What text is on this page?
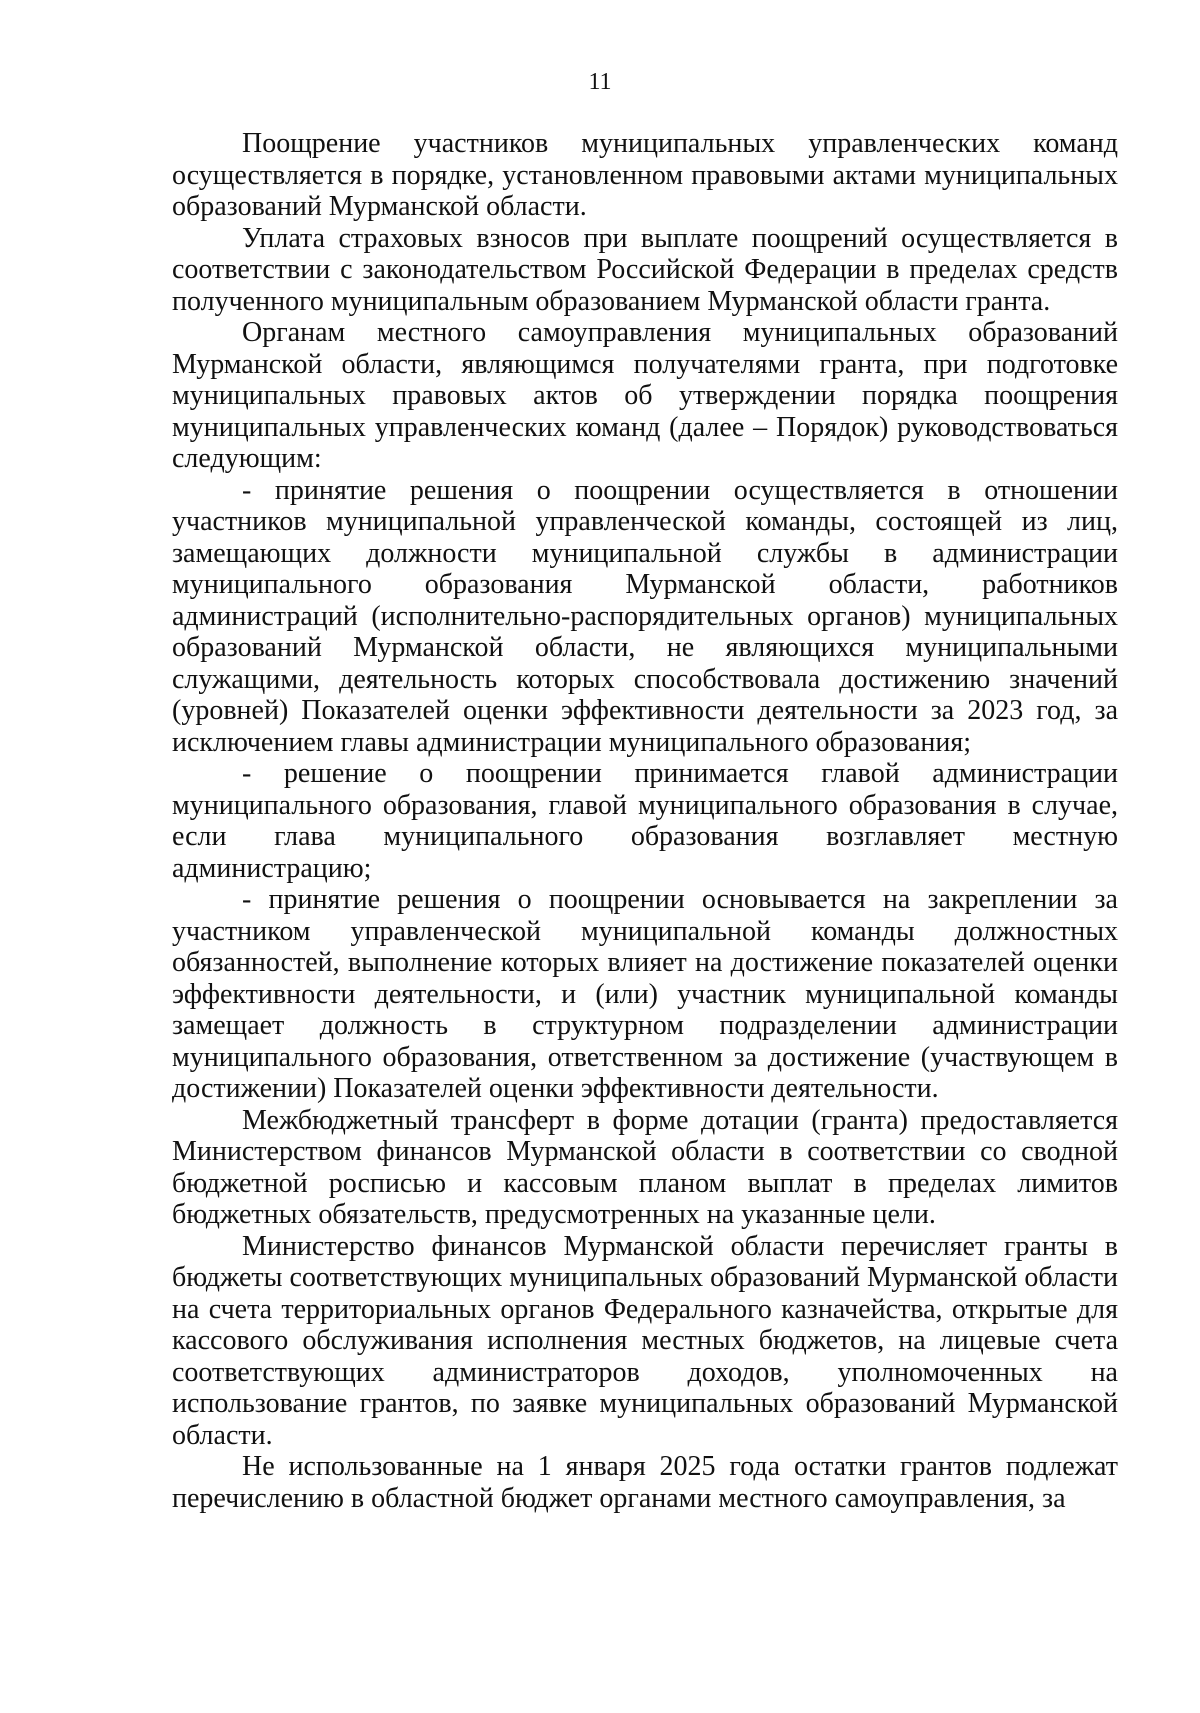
11

Поощрение участников муниципальных управленческих команд осуществляется в порядке, установленном правовыми актами муниципальных образований Мурманской области.

Уплата страховых взносов при выплате поощрений осуществляется в соответствии с законодательством Российской Федерации в пределах средств полученного муниципальным образованием Мурманской области гранта.

Органам местного самоуправления муниципальных образований Мурманской области, являющимся получателями гранта, при подготовке муниципальных правовых актов об утверждении порядка поощрения муниципальных управленческих команд (далее – Порядок) руководствоваться следующим:

- принятие решения о поощрении осуществляется в отношении участников муниципальной управленческой команды, состоящей из лиц, замещающих должности муниципальной службы в администрации муниципального образования Мурманской области, работников администраций (исполнительно-распорядительных органов) муниципальных образований Мурманской области, не являющихся муниципальными служащими, деятельность которых способствовала достижению значений (уровней) Показателей оценки эффективности деятельности за 2023 год, за исключением главы администрации муниципального образования;

- решение о поощрении принимается главой администрации муниципального образования, главой муниципального образования в случае, если глава муниципального образования возглавляет местную администрацию;

- принятие решения о поощрении основывается на закреплении за участником управленческой муниципальной команды должностных обязанностей, выполнение которых влияет на достижение показателей оценки эффективности деятельности, и (или) участник муниципальной команды замещает должность в структурном подразделении администрации муниципального образования, ответственном за достижение (участвующем в достижении) Показателей оценки эффективности деятельности.

Межбюджетный трансферт в форме дотации (гранта) предоставляется Министерством финансов Мурманской области в соответствии со сводной бюджетной росписью и кассовым планом выплат в пределах лимитов бюджетных обязательств, предусмотренных на указанные цели.

Министерство финансов Мурманской области перечисляет гранты в бюджеты соответствующих муниципальных образований Мурманской области на счета территориальных органов Федерального казначейства, открытые для кассового обслуживания исполнения местных бюджетов, на лицевые счета соответствующих администраторов доходов, уполномоченных на использование грантов, по заявке муниципальных образований Мурманской области.

Не использованные на 1 января 2025 года остатки грантов подлежат перечислению в областной бюджет органами местного самоуправления, за
